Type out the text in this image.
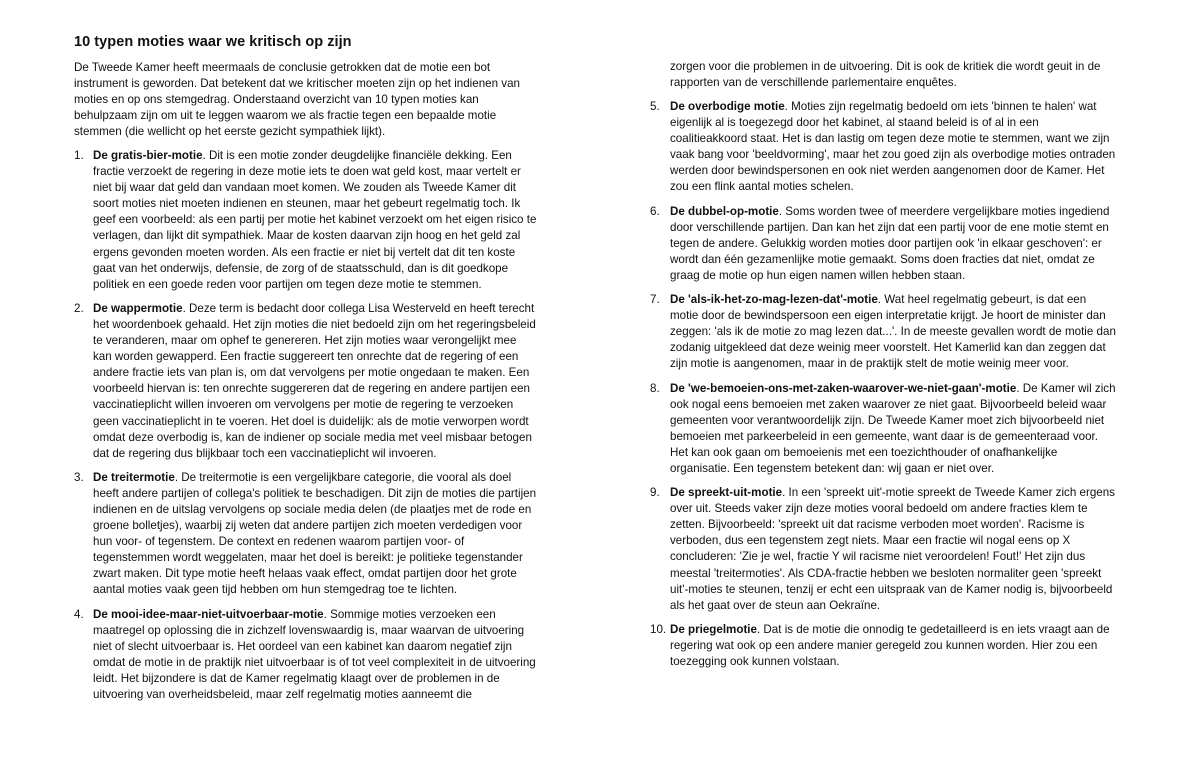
10 typen moties waar we kritisch op zijn

De Tweede Kamer heeft meermaals de conclusie getrokken dat de motie een bot instrument is geworden. Dat betekent dat we kritischer moeten zijn op het indienen van moties en op ons stemgedrag. Onderstaand overzicht van 10 typen moties kan behulpzaam zijn om uit te leggen waarom we als fractie tegen een bepaalde motie stemmen (die wellicht op het eerste gezicht sympathiek lijkt).

1. De gratis-bier-motie. Dit is een motie zonder deugdelijke financiële dekking. Een fractie verzoekt de regering in deze motie iets te doen wat geld kost, maar vertelt er niet bij waar dat geld dan vandaan moet komen. We zouden als Tweede Kamer dit soort moties niet moeten indienen en steunen, maar het gebeurt regelmatig toch. Ik geef een voorbeeld: als een partij per motie het kabinet verzoekt om het eigen risico te verlagen, dan lijkt dit sympathiek. Maar de kosten daarvan zijn hoog en het geld zal ergens gevonden moeten worden. Als een fractie er niet bij vertelt dat dit ten koste gaat van het onderwijs, defensie, de zorg of de staatsschuld, dan is dit goedkope politiek en een goede reden voor partijen om tegen deze motie te stemmen.
2. De wappermotie. Deze term is bedacht door collega Lisa Westerveld en heeft terecht het woordenboek gehaald. Het zijn moties die niet bedoeld zijn om het regeringsbeleid te veranderen, maar om ophef te genereren. Het zijn moties waar verongelijkt mee kan worden gewapperd. Een fractie suggereert ten onrechte dat de regering of een andere fractie iets van plan is, om dat vervolgens per motie ongedaan te maken. Een voorbeeld hiervan is: ten onrechte suggereren dat de regering en andere partijen een vaccinatieplicht willen invoeren om vervolgens per motie de regering te verzoeken geen vaccinatieplicht in te voeren. Het doel is duidelijk: als de motie verworpen wordt omdat deze overbodig is, kan de indiener op sociale media met veel misbaar betogen dat de regering dus blijkbaar toch een vaccinatieplicht wil invoeren.
3. De treitermotie. De treitermotie is een vergelijkbare categorie, die vooral als doel heeft andere partijen of collega's politiek te beschadigen. Dit zijn de moties die partijen indienen en de uitslag vervolgens op sociale media delen (de plaatjes met de rode en groene bolletjes), waarbij zij weten dat andere partijen zich moeten verdedigen voor hun voor- of tegenstem. De context en redenen waarom partijen voor- of tegenstemmen wordt weggelaten, maar het doel is bereikt: je politieke tegenstander zwart maken. Dit type motie heeft helaas vaak effect, omdat partijen door het grote aantal moties vaak geen tijd hebben om hun stemgedrag toe te lichten.
4. De mooi-idee-maar-niet-uitvoerbaar-motie. Sommige moties verzoeken een maatregel op oplossing die in zichzelf lovenswaardig is, maar waarvan de uitvoering niet of slecht uitvoerbaar is. Het oordeel van een kabinet kan daarom negatief zijn omdat de motie in de praktijk niet uitvoerbaar is of tot veel complexiteit in de uitvoering leidt. Het bijzondere is dat de Kamer regelmatig klaagt over de problemen in de uitvoering van overheidsbeleid, maar zelf regelmatig moties aanneemt die

zorgen voor die problemen in de uitvoering. Dit is ook de kritiek die wordt geuit in de rapporten van de verschillende parlementaire enquêtes.

5. De overbodige motie. Moties zijn regelmatig bedoeld om iets 'binnen te halen' wat eigenlijk al is toegezegd door het kabinet, al staand beleid is of al in een coalitieakkoord staat. Het is dan lastig om tegen deze motie te stemmen, want we zijn vaak bang voor 'beeldvorming', maar het zou goed zijn als overbodige moties ontraden werden door bewindspersonen en ook niet werden aangenomen door de Kamer. Het zou een flink aantal moties schelen.
6. De dubbel-op-motie. Soms worden twee of meerdere vergelijkbare moties ingediend door verschillende partijen. Dan kan het zijn dat een partij voor de ene motie stemt en tegen de andere. Gelukkig worden moties door partijen ook 'in elkaar geschoven': er wordt dan één gezamenlijke motie gemaakt. Soms doen fracties dat niet, omdat ze graag de motie op hun eigen namen willen hebben staan.
7. De 'als-ik-het-zo-mag-lezen-dat'-motie. Wat heel regelmatig gebeurt, is dat een motie door de bewindspersoon een eigen interpretatie krijgt. Je hoort de minister dan zeggen: 'als ik de motie zo mag lezen dat...'. In de meeste gevallen wordt de motie dan zodanig uitgekleed dat deze weinig meer voorstelt. Het Kamerlid kan dan zeggen dat zijn motie is aangenomen, maar in de praktijk stelt de motie weinig meer voor.
8. De 'we-bemoeien-ons-met-zaken-waarover-we-niet-gaan'-motie. De Kamer wil zich ook nogal eens bemoeien met zaken waarover ze niet gaat. Bijvoorbeeld beleid waar gemeenten voor verantwoordelijk zijn. De Tweede Kamer moet zich bijvoorbeeld niet bemoeien met parkeerbeleid in een gemeente, want daar is de gemeenteraad voor. Het kan ook gaan om bemoeienis met een toezichthouder of onafhankelijke organisatie. Een tegenstem betekent dan: wij gaan er niet over.
9. De spreekt-uit-motie. In een 'spreekt uit'-motie spreekt de Tweede Kamer zich ergens over uit. Steeds vaker zijn deze moties vooral bedoeld om andere fracties klem te zetten. Bijvoorbeeld: 'spreekt uit dat racisme verboden moet worden'. Racisme is verboden, dus een tegenstem zegt niets. Maar een fractie wil nogal eens op X concluderen: 'Zie je wel, fractie Y wil racisme niet veroordelen! Fout!' Het zijn dus meestal 'treitermoties'. Als CDA-fractie hebben we besloten normaliter geen 'spreekt uit'-moties te steunen, tenzij er echt een uitspraak van de Kamer nodig is, bijvoorbeeld als het gaat over de steun aan Oekraïne.
10. De priegelmotie. Dat is de motie die onnodig te gedetailleerd is en iets vraagt aan de regering wat ook op een andere manier geregeld zou kunnen worden. Hier zou een toezegging ook kunnen volstaan.
